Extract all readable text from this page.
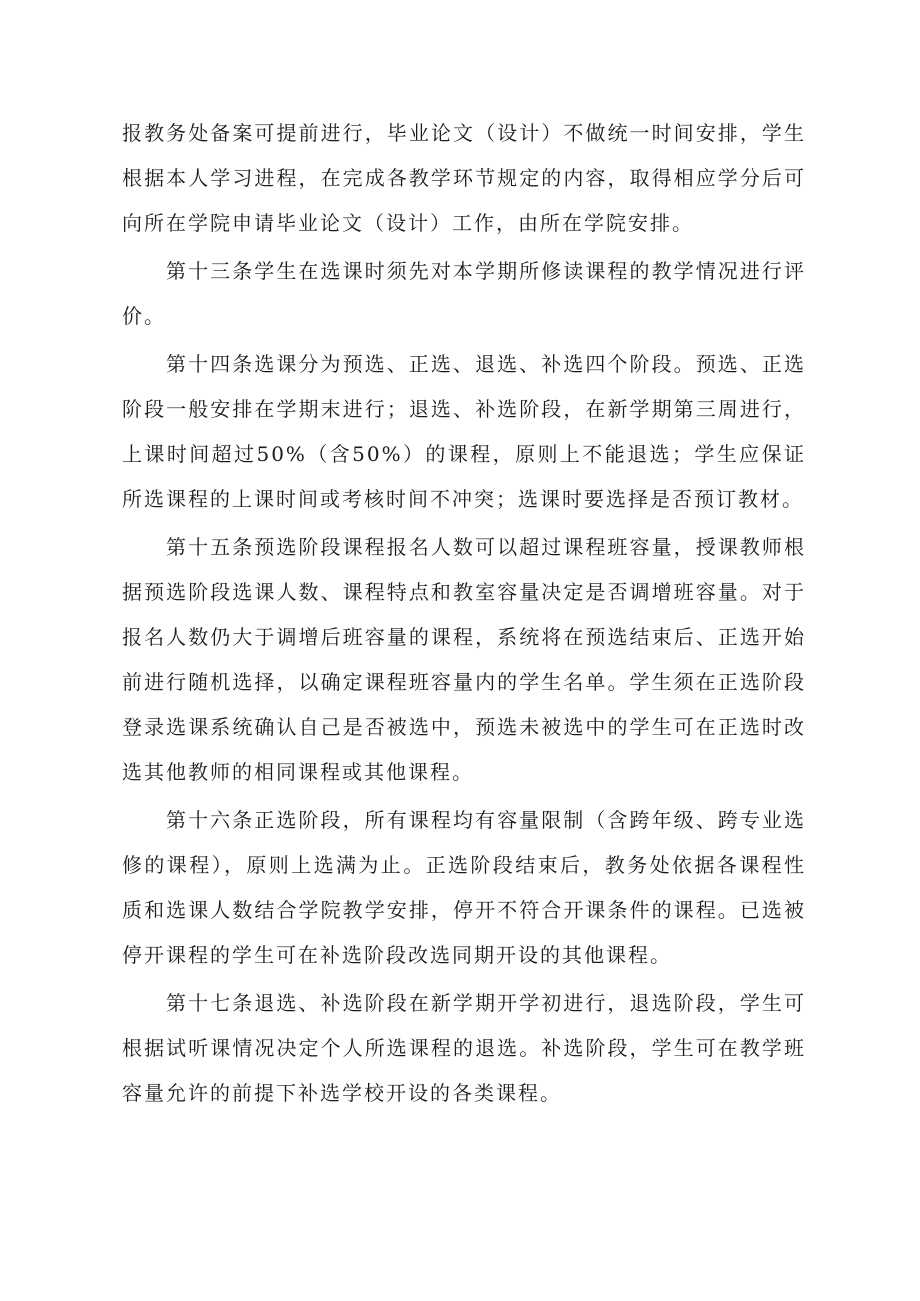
报教务处备案可提前进行，毕业论文（设计）不做统一时间安排，学生根据本人学习进程，在完成各教学环节规定的内容，取得相应学分后可向所在学院申请毕业论文（设计）工作，由所在学院安排。

第十三条学生在选课时须先对本学期所修读课程的教学情况进行评价。

第十四条选课分为预选、正选、退选、补选四个阶段。预选、正选阶段一般安排在学期末进行；退选、补选阶段，在新学期第三周进行，上课时间超过50%（含50%）的课程，原则上不能退选；学生应保证所选课程的上课时间或考核时间不冲突；选课时要选择是否预订教材。

第十五条预选阶段课程报名人数可以超过课程班容量，授课教师根据预选阶段选课人数、课程特点和教室容量决定是否调增班容量。对于报名人数仍大于调增后班容量的课程，系统将在预选结束后、正选开始前进行随机选择，以确定课程班容量内的学生名单。学生须在正选阶段登录选课系统确认自己是否被选中，预选未被选中的学生可在正选时改选其他教师的相同课程或其他课程。

第十六条正选阶段，所有课程均有容量限制（含跨年级、跨专业选修的课程），原则上选满为止。正选阶段结束后，教务处依据各课程性质和选课人数结合学院教学安排，停开不符合开课条件的课程。已选被停开课程的学生可在补选阶段改选同期开设的其他课程。

第十七条退选、补选阶段在新学期开学初进行，退选阶段，学生可根据试听课情况决定个人所选课程的退选。补选阶段，学生可在教学班容量允许的前提下补选学校开设的各类课程。
